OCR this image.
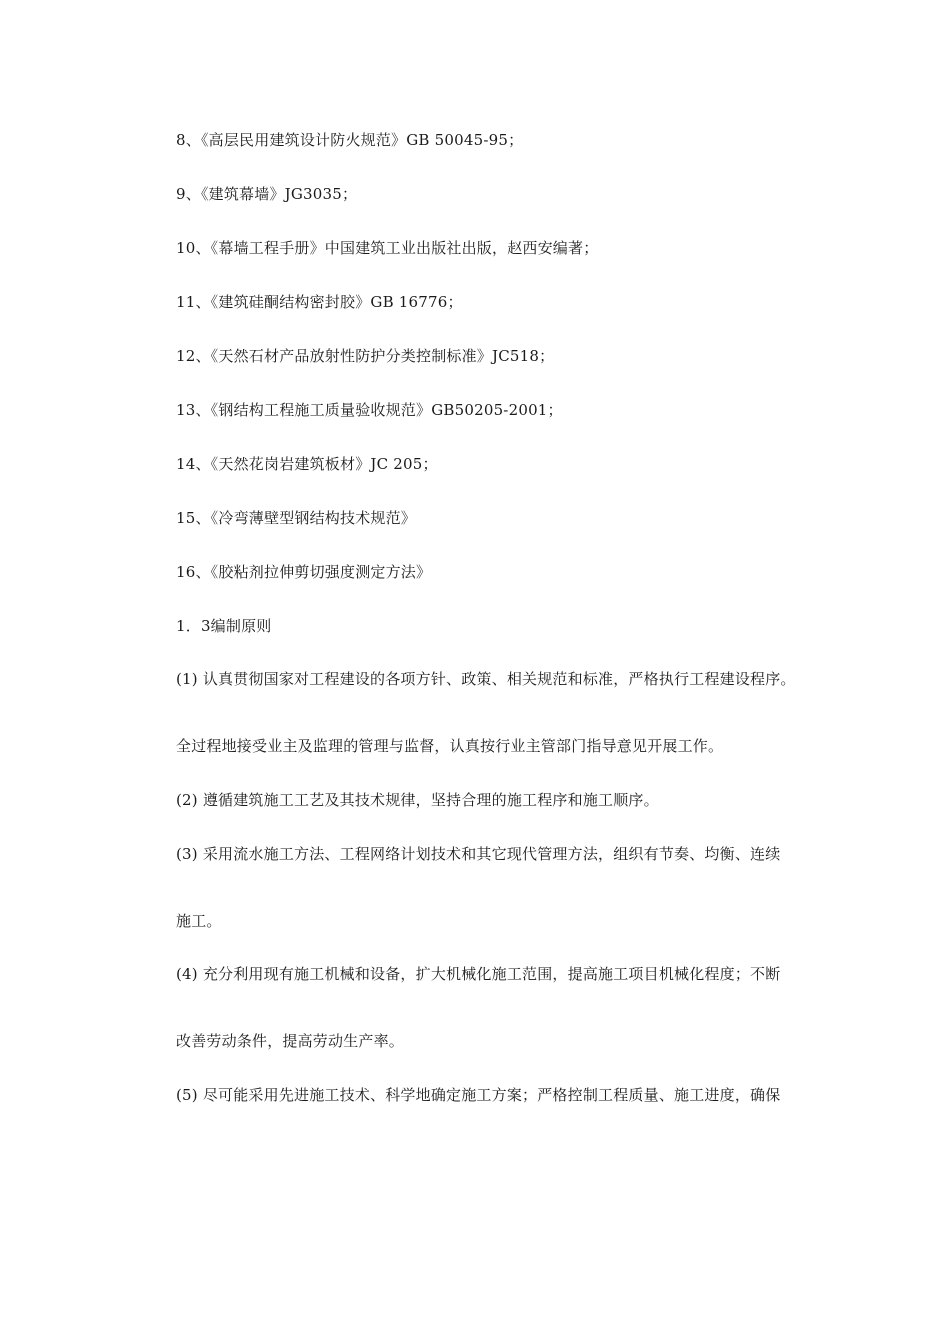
8、《高层民用建筑设计防火规范》GB 50045-95；
9、《建筑幕墙》JG3035；
10、《幕墙工程手册》中国建筑工业出版社出版，赵西安编著；
11、《建筑硅酮结构密封胶》GB 16776；
12、《天然石材产品放射性防护分类控制标准》JC518；
13、《钢结构工程施工质量验收规范》GB50205-2001；
14、《天然花岗岩建筑板材》JC 205；
15、《冷弯薄壁型钢结构技术规范》
16、《胶粘剂拉伸剪切强度测定方法》
1．3编制原则
(1) 认真贯彻国家对工程建设的各项方针、政策、相关规范和标准，严格执行工程建设程序。
全过程地接受业主及监理的管理与监督，认真按行业主管部门指导意见开展工作。
(2) 遵循建筑施工工艺及其技术规律，坚持合理的施工程序和施工顺序。
(3) 采用流水施工方法、工程网络计划技术和其它现代管理方法，组织有节奏、均衡、连续
施工。
(4) 充分利用现有施工机械和设备，扩大机械化施工范围，提高施工项目机械化程度；不断
改善劳动条件，提高劳动生产率。
(5) 尽可能采用先进施工技术、科学地确定施工方案；严格控制工程质量、施工进度，确保
